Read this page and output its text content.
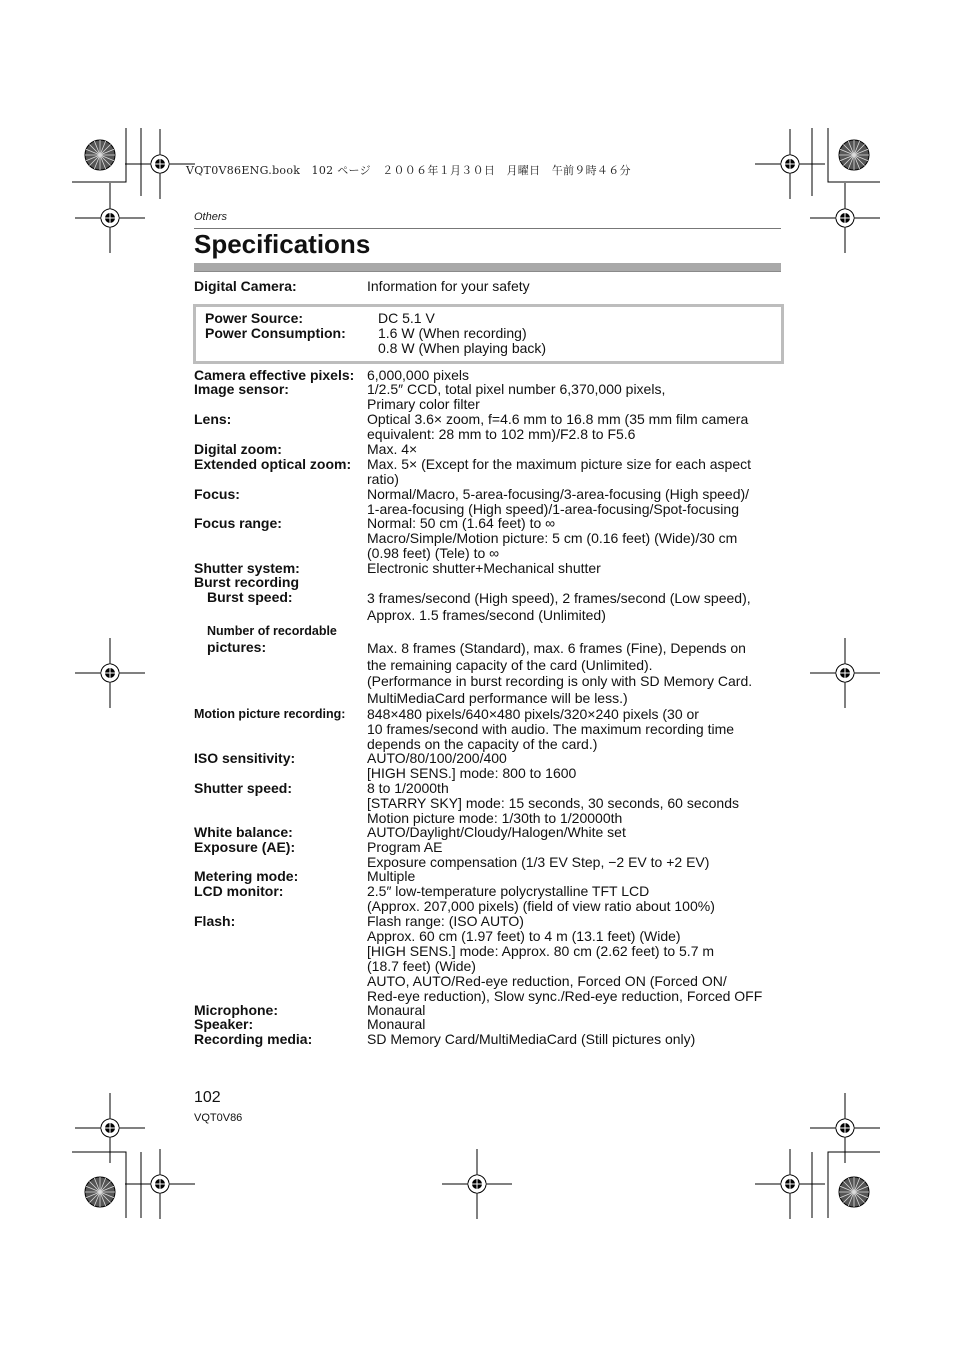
VQT0V86ENG.book　102 ページ　２００６年１月３０日　月曜日　午前９時４６分
Others
Specifications
Digital Camera:	Information for your safety
Power Source:	DC 5.1 V
Power Consumption: 1.6 W (When recording)
0.8 W (When playing back)
Camera effective pixels: 6,000,000 pixels
Image sensor:	1/2.5″ CCD, total pixel number 6,370,000 pixels,
Primary color filter
Lens:	Optical 3.6× zoom, f=4.6 mm to 16.8 mm (35 mm film camera
equivalent: 28 mm to 102 mm)/F2.8 to F5.6
Digital zoom:	Max. 4×
Extended optical zoom: Max. 5× (Except for the maximum picture size for each aspect
ratio)
Focus:	Normal/Macro, 5-area-focusing/3-area-focusing (High speed)/
1-area-focusing (High speed)/1-area-focusing/Spot-focusing
Focus range:	Normal: 50 cm (1.64 feet) to ∞
Macro/Simple/Motion picture: 5 cm (0.16 feet) (Wide)/30 cm
(0.98 feet) (Tele) to ∞
Shutter system:	Electronic shutter+Mechanical shutter
Burst recording
Burst speed:	3 frames/second (High speed), 2 frames/second (Low speed),
Approx. 1.5 frames/second (Unlimited)
Number of recordable
pictures:	Max. 8 frames (Standard), max. 6 frames (Fine), Depends on
the remaining capacity of the card (Unlimited).
(Performance in burst recording is only with SD Memory Card.
MultiMediaCard performance will be less.)
Motion picture recording: 848×480 pixels/640×480 pixels/320×240 pixels (30 or
10 frames/second with audio. The maximum recording time
depends on the capacity of the card.)
ISO sensitivity:	AUTO/80/100/200/400
[HIGH SENS.] mode: 800 to 1600
Shutter speed:	8 to 1/2000th
[STARRY SKY] mode: 15 seconds, 30 seconds, 60 seconds
Motion picture mode: 1/30th to 1/20000th
White balance:	AUTO/Daylight/Cloudy/Halogen/White set
Exposure (AE):	Program AE
Exposure compensation (1/3 EV Step, −2 EV to +2 EV)
Metering mode:	Multiple
LCD monitor:	2.5″ low-temperature polycrystalline TFT LCD
(Approx. 207,000 pixels) (field of view ratio about 100%)
Flash:	Flash range: (ISO AUTO)
Approx. 60 cm (1.97 feet) to 4 m (13.1 feet) (Wide)
[HIGH SENS.] mode: Approx. 80 cm (2.62 feet) to 5.7 m
(18.7 feet) (Wide)
AUTO, AUTO/Red-eye reduction, Forced ON (Forced ON/
Red-eye reduction), Slow sync./Red-eye reduction, Forced OFF
Microphone:	Monaural
Speaker:	Monaural
Recording media:	SD Memory Card/MultiMediaCard (Still pictures only)
102
VQT0V86
